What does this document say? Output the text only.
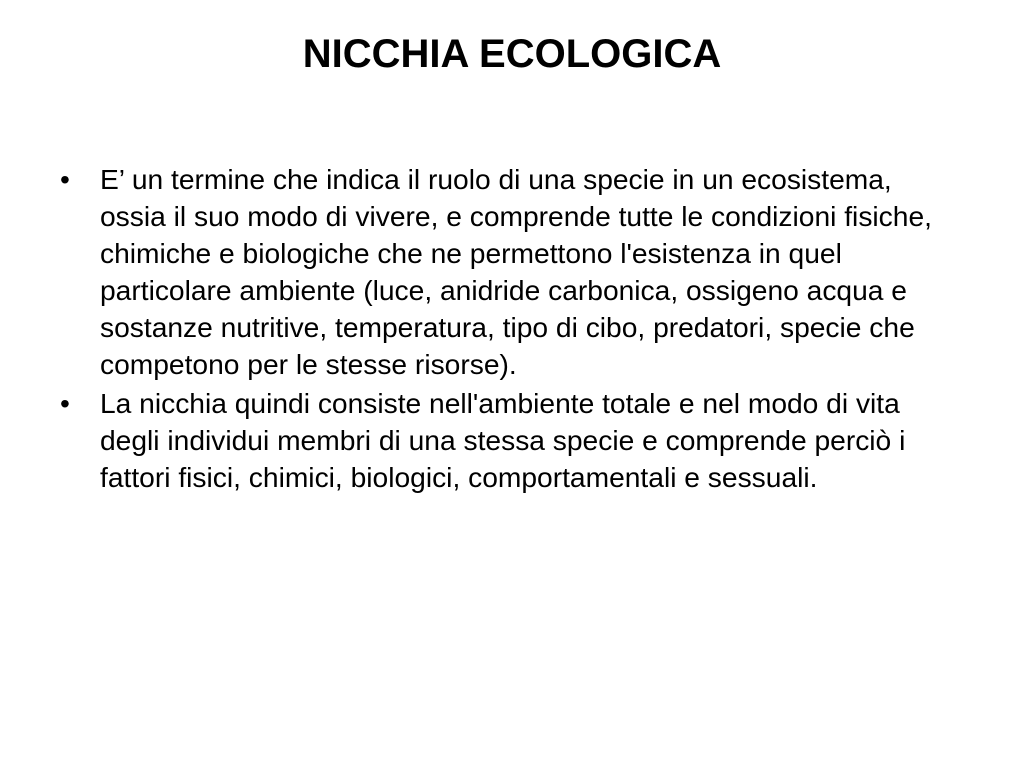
NICCHIA ECOLOGICA
•	E’ un termine che indica il ruolo di una specie in un ecosistema, ossia il suo modo di vivere, e comprende tutte le condizioni fisiche, chimiche e biologiche che ne permettono l'esistenza in quel particolare ambiente (luce, anidride carbonica, ossigeno acqua e sostanze nutritive, temperatura, tipo di cibo, predatori, specie che competono per le stesse risorse).
•	La nicchia quindi consiste nell'ambiente totale e nel modo di vita degli individui membri di una stessa specie e comprende perciò i fattori fisici, chimici, biologici, comportamentali e sessuali.
